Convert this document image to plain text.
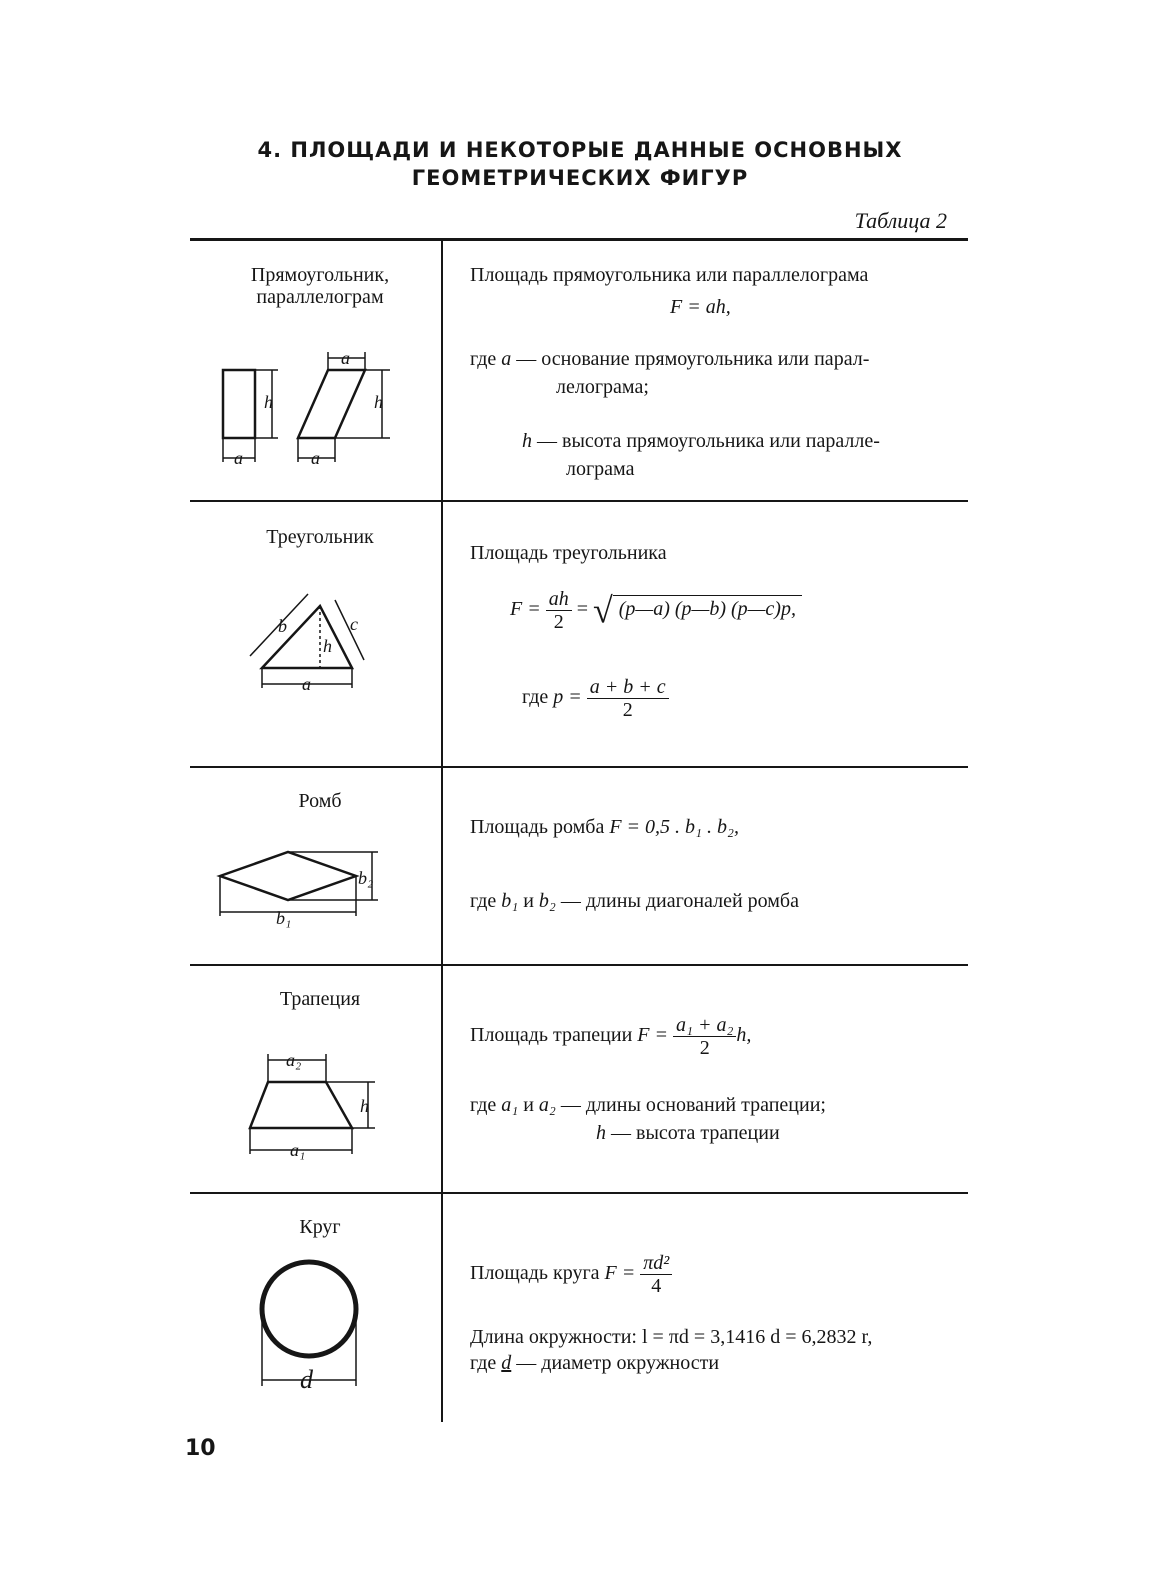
4. ПЛОЩАДИ И НЕКОТОРЫЕ ДАННЫЕ ОСНОВНЫХ
ГЕОМЕТРИЧЕСКИХ ФИГУР
Таблица 2
Прямоугольник, параллелограм
Площадь прямоугольника или параллелограма
F = ah,
где a — основание прямоугольника или парал-
лелограма;
h — высота прямоугольника или паралле-
лограма
a
h
a
h
a
Треугольник
Площадь треугольника
$F = \frac{ah}{2}$ = √ (p—a) (p—b) (p—c)p,
где $p = \frac{a + b + c}{2}$
a
b	c
h
Ромб
Площадь ромба F = 0,5 . b₁ . b₂,
где b₁ и b₂ — длины диагоналей ромба
b₁
b₂
Трапеция
Площадь трапеции $F = \frac{\text{a₁ + a₂}}{2} h$,
где a₁ и a₂ — длины оснований трапеции;
h — высота трапеции
a₂
a₁
h
Круг
Площадь круга $F = \frac{\text{πd²}}{4}$
Длина окружности: l = πd = 3,1416 d = 6,2832 r,
где d — диаметр окружности
d
10
